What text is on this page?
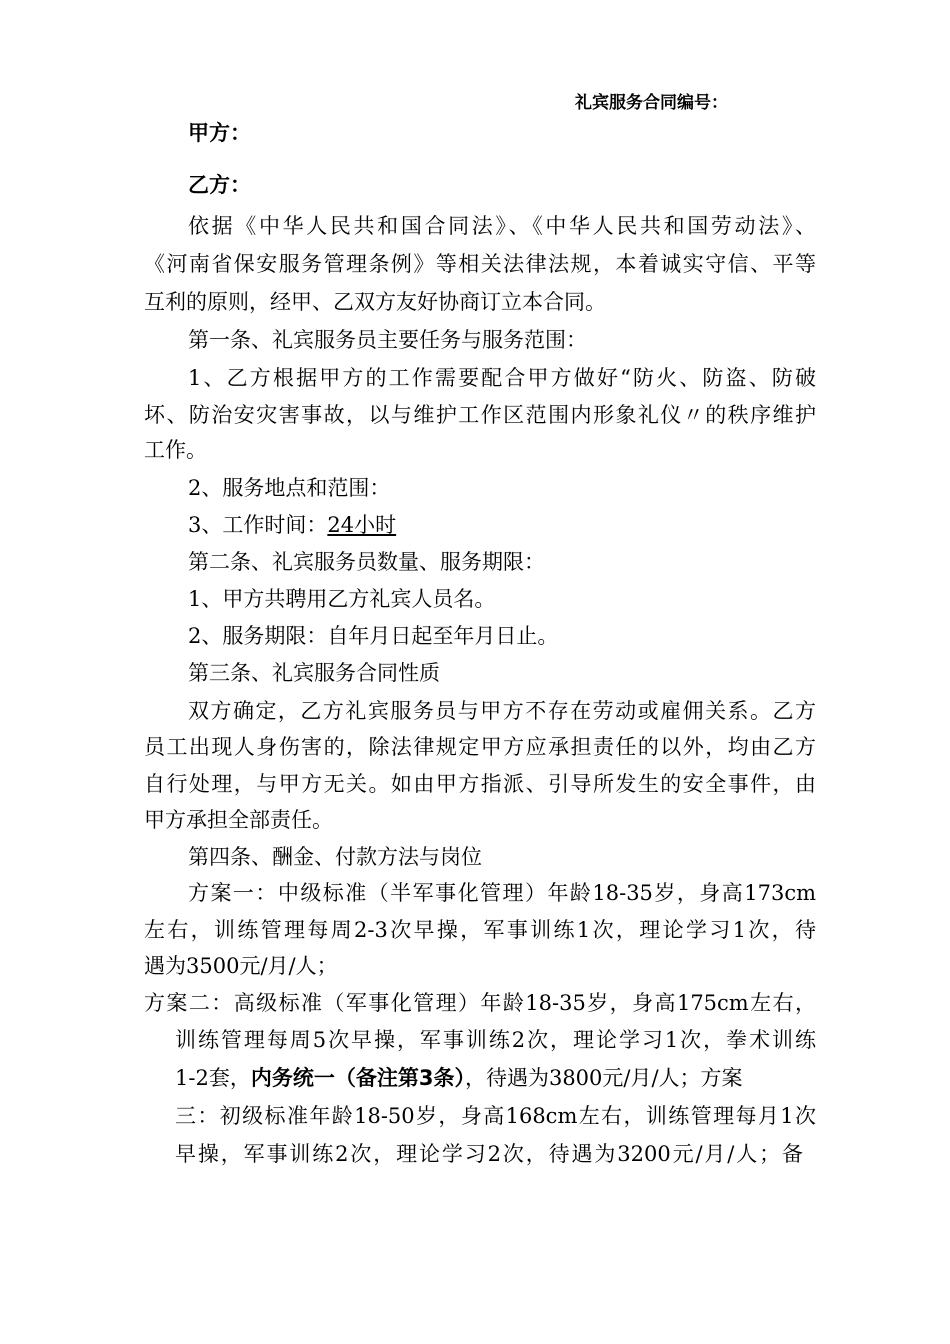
礼宾服务合同编号：
甲方：
乙方：
依据《中华人民共和国合同法》、《中华人民共和国劳动法》、
《河南省保安服务管理条例》等相关法律法规，本着诚实守信、平等
互利的原则，经甲、乙双方友好协商订立本合同。
第一条、礼宾服务员主要任务与服务范围：
1、乙方根据甲方的工作需要配合甲方做好“防火、防盗、防破
坏、防治安灾害事故，以与维护工作区范围内形象礼仪〃的秩序维护
工作。
2、服务地点和范围：
3、工作时间：24小时
第二条、礼宾服务员数量、服务期限：
1、甲方共聘用乙方礼宾人员名。
2、服务期限：自年月日起至年月日止。
第三条、礼宾服务合同性质
双方确定，乙方礼宾服务员与甲方不存在劳动或雇佣关系。乙方
员工出现人身伤害的，除法律规定甲方应承担责任的以外，均由乙方
自行处理，与甲方无关。如由甲方指派、引导所发生的安全事件，由
甲方承担全部责任。
第四条、酬金、付款方法与岗位
方案一：中级标准（半军事化管理）年龄18-35岁，身高173cm
左右，训练管理每周2-3次早操，军事训练1次，理论学习1次，待
遇为3500元/月/人；
方案二：高级标准（军事化管理）年龄18-35岁，身高175cm左右，
训练管理每周5次早操，军事训练2次，理论学习1次，拳术训练
1-2套，内务统一（备注第3条），待遇为3800元/月/人；方案
三：初级标准年龄18-50岁，身高168cm左右，训练管理每月1次
早操，军事训练2次，理论学习2次，待遇为3200元/月/人；备
